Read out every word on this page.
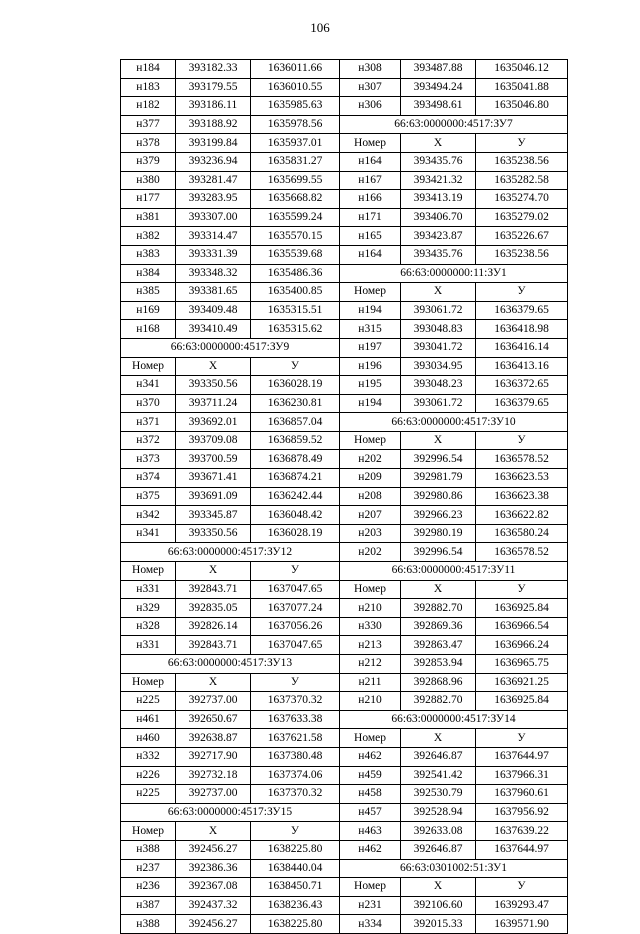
106
н184	393182.33	1636011.66	н308	393487.88	1635046.12
н183	393179.55	1636010.55	н307	393494.24	1635041.88
н182	393186.11	1635985.63	н306	393498.61	1635046.80
н377	393188.92	1635978.56	66:63:0000000:4517:ЗУ7		
н378	393199.84	1635937.01	Номер	X	У
н379	393236.94	1635831.27	н164	393435.76	1635238.56
н380	393281.47	1635699.55	н167	393421.32	1635282.58
н177	393283.95	1635668.82	н166	393413.19	1635274.70
н381	393307.00	1635599.24	н171	393406.70	1635279.02
н382	393314.47	1635570.15	н165	393423.87	1635226.67
н383	393331.39	1635539.68	н164	393435.76	1635238.56
н384	393348.32	1635486.36	66:63:0000000:11:ЗУ1		
н385	393381.65	1635400.85	Номер	X	У
н169	393409.48	1635315.51	н194	393061.72	1636379.65
н168	393410.49	1635315.62	н315	393048.83	1636418.98
66:63:0000000:4517:ЗУ9			н197	393041.72	1636416.14
Номер	X	У	н196	393034.95	1636413.16
н341	393350.56	1636028.19	н195	393048.23	1636372.65
н370	393711.24	1636230.81	н194	393061.72	1636379.65
н371	393692.01	1636857.04	66:63:0000000:4517:ЗУ10		
н372	393709.08	1636859.52	Номер	X	У
н373	393700.59	1636878.49	н202	392996.54	1636578.52
н374	393671.41	1636874.21	н209	392981.79	1636623.53
н375	393691.09	1636242.44	н208	392980.86	1636623.38
н342	393345.87	1636048.42	н207	392966.23	1636622.82
н341	393350.56	1636028.19	н203	392980.19	1636580.24
66:63:0000000:4517:ЗУ12			н202	392996.54	1636578.52
Номер	X	У	66:63:0000000:4517:ЗУ11		
н331	392843.71	1637047.65	Номер	X	У
н329	392835.05	1637077.24	н210	392882.70	1636925.84
н328	392826.14	1637056.26	н330	392869.36	1636966.54
н331	392843.71	1637047.65	н213	392863.47	1636966.24
66:63:0000000:4517:ЗУ13			н212	392853.94	1636965.75
Номер	X	У	н211	392868.96	1636921.25
н225	392737.00	1637370.32	н210	392882.70	1636925.84
н461	392650.67	1637633.38	66:63:0000000:4517:ЗУ14		
н460	392638.87	1637621.58	Номер	X	У
н332	392717.90	1637380.48	н462	392646.87	1637644.97
н226	392732.18	1637374.06	н459	392541.42	1637966.31
н225	392737.00	1637370.32	н458	392530.79	1637960.61
66:63:0000000:4517:ЗУ15			н457	392528.94	1637956.92
Номер	X	У	н463	392633.08	1637639.22
н388	392456.27	1638225.80	н462	392646.87	1637644.97
н237	392386.36	1638440.04	66:63:0301002:51:ЗУ1		
н236	392367.08	1638450.71	Номер	X	У
н387	392437.32	1638236.43	н231	392106.60	1639293.47
н388	392456.27	1638225.80	н334	392015.33	1639571.90
